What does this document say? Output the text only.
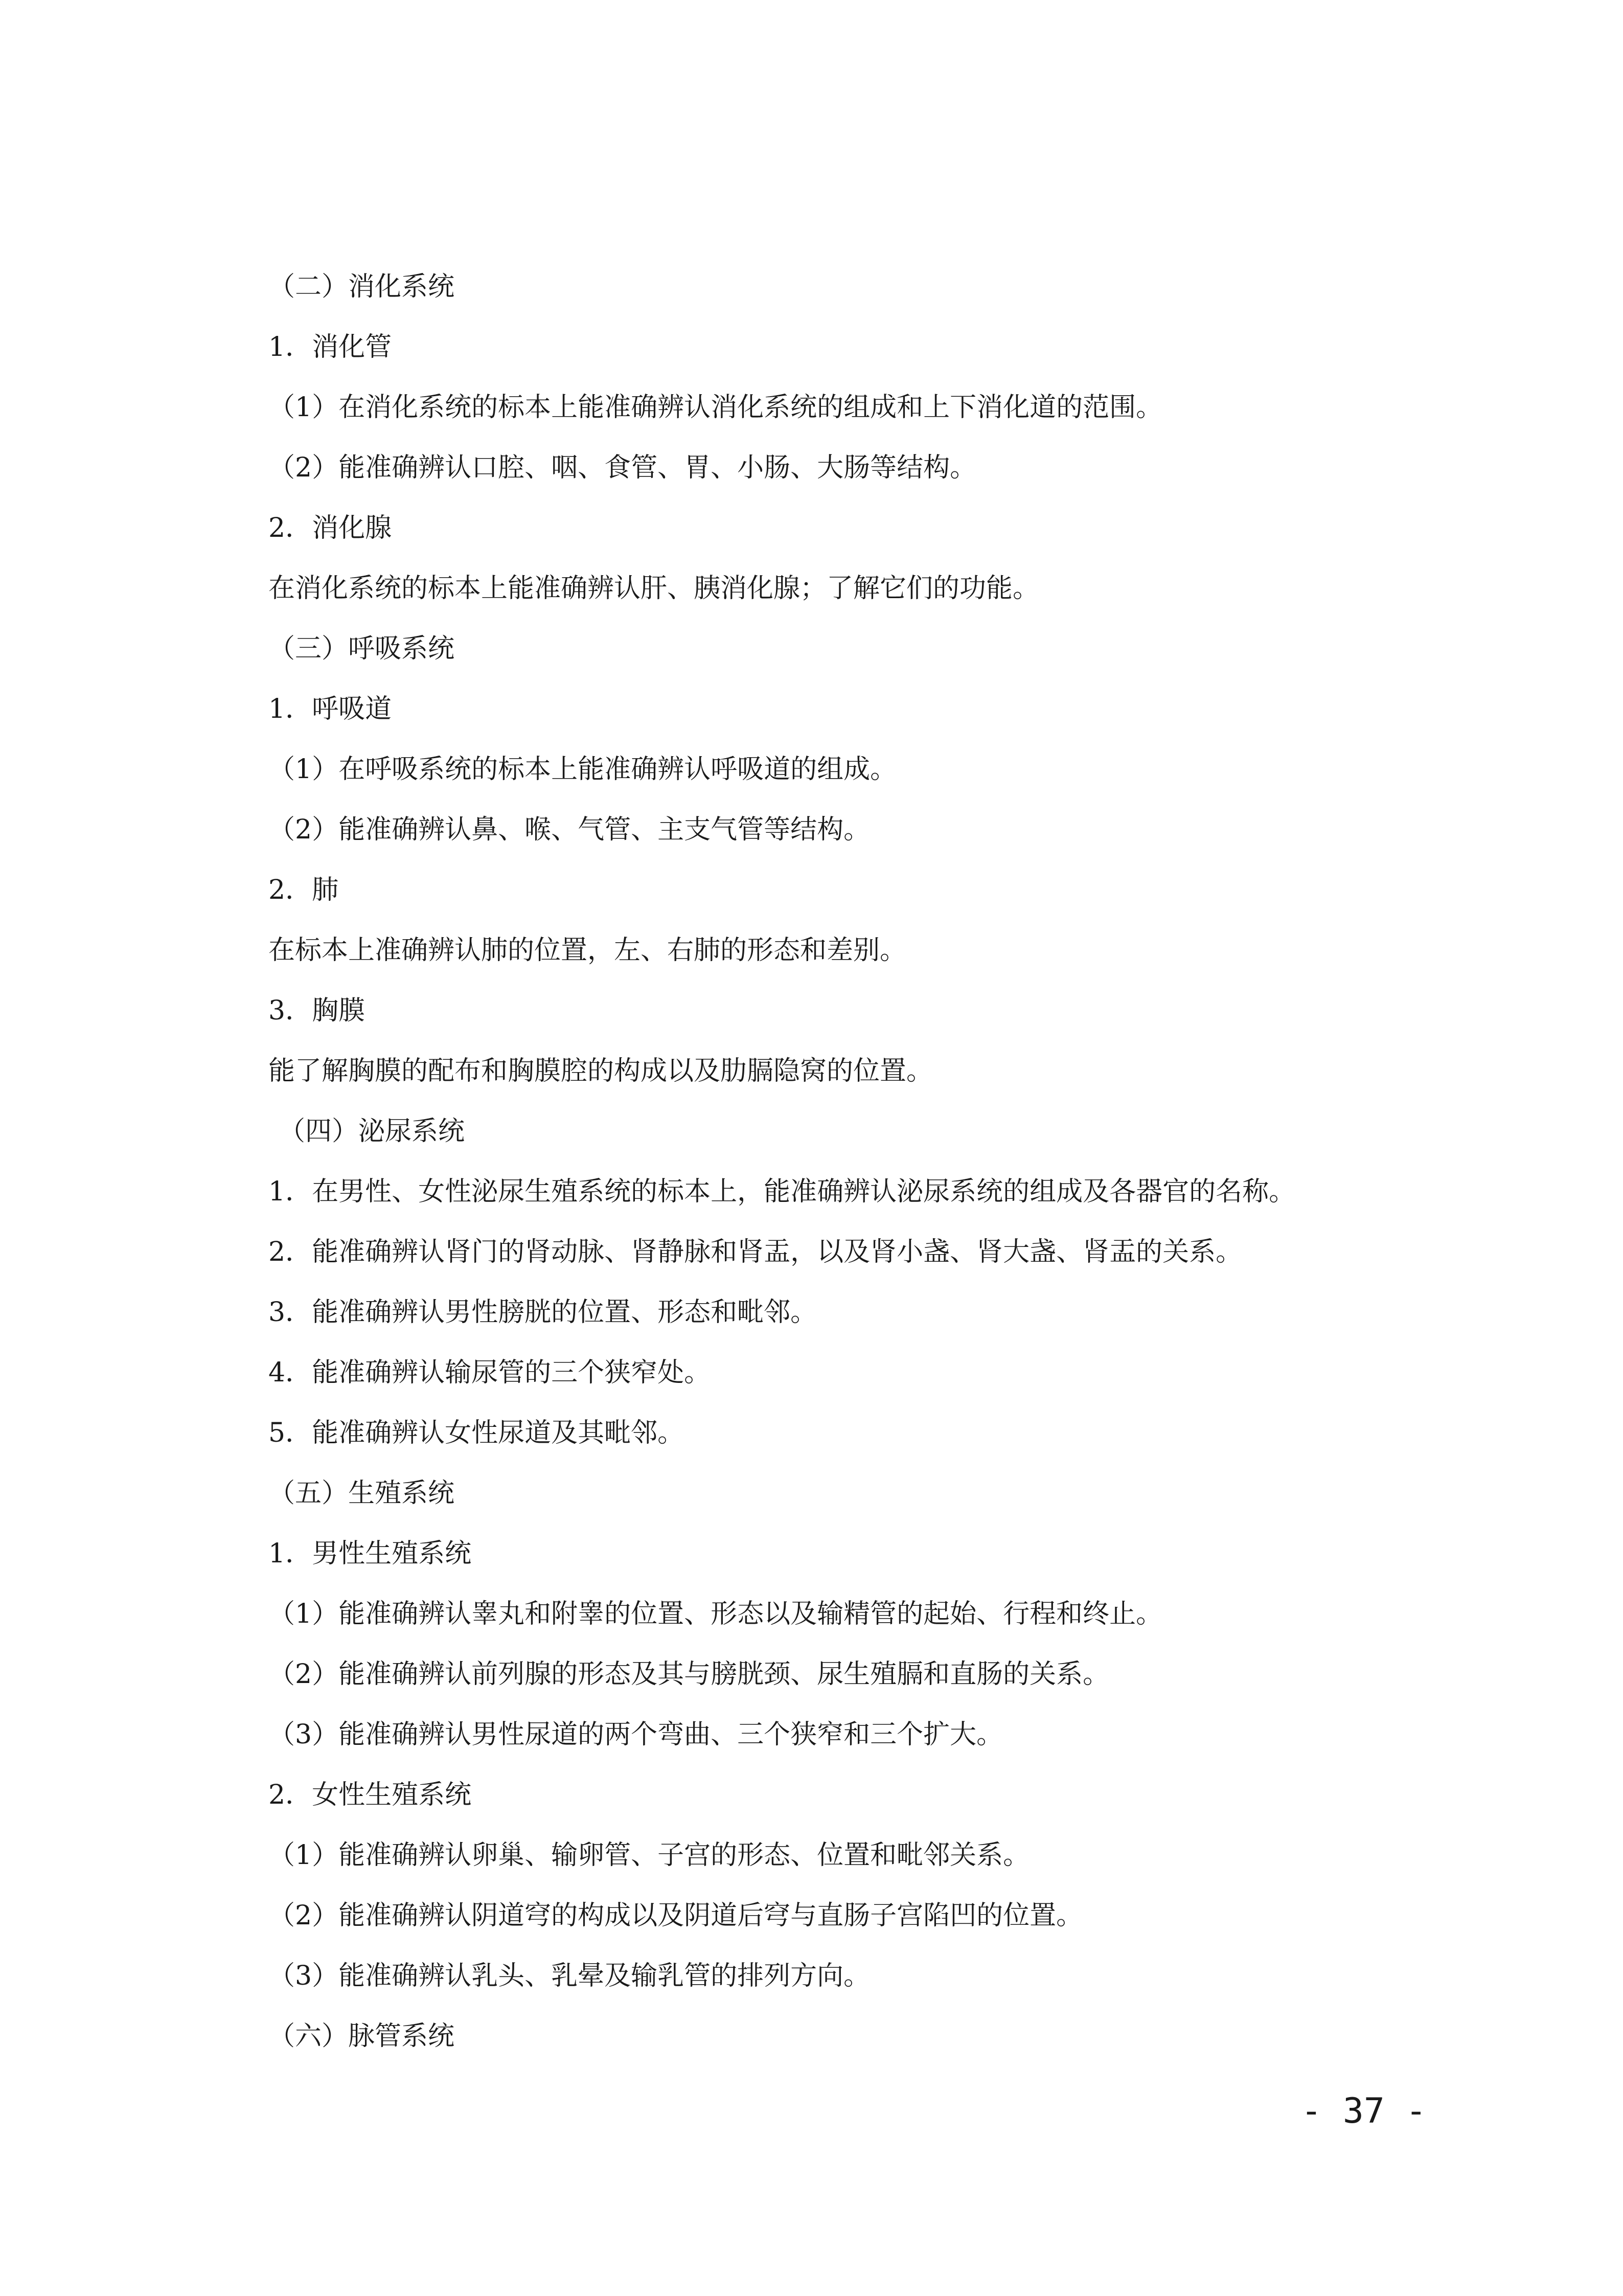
（二）消化系统
1．消化管
（1）在消化系统的标本上能准确辨认消化系统的组成和上下消化道的范围。
（2）能准确辨认口腔、咽、食管、胃、小肠、大肠等结构。
2．消化腺
在消化系统的标本上能准确辨认肝、胰消化腺；了解它们的功能。
（三）呼吸系统
1．呼吸道
（1）在呼吸系统的标本上能准确辨认呼吸道的组成。
（2）能准确辨认鼻、喉、气管、主支气管等结构。
2．肺
在标本上准确辨认肺的位置，左、右肺的形态和差别。
3．胸膜
能了解胸膜的配布和胸膜腔的构成以及肋膈隐窝的位置。
（四）泌尿系统
1．在男性、女性泌尿生殖系统的标本上，能准确辨认泌尿系统的组成及各器官的名称。
2．能准确辨认肾门的肾动脉、肾静脉和肾盂，以及肾小盏、肾大盏、肾盂的关系。
3．能准确辨认男性膀胱的位置、形态和毗邻。
4．能准确辨认输尿管的三个狭窄处。
5．能准确辨认女性尿道及其毗邻。
（五）生殖系统
1．男性生殖系统
（1）能准确辨认睾丸和附睾的位置、形态以及输精管的起始、行程和终止。
（2）能准确辨认前列腺的形态及其与膀胱颈、尿生殖膈和直肠的关系。
（3）能准确辨认男性尿道的两个弯曲、三个狭窄和三个扩大。
2．女性生殖系统
（1）能准确辨认卵巢、输卵管、子宫的形态、位置和毗邻关系。
（2）能准确辨认阴道穹的构成以及阴道后穹与直肠子宫陷凹的位置。
（3）能准确辨认乳头、乳晕及输乳管的排列方向。
（六）脉管系统
- 37 -
